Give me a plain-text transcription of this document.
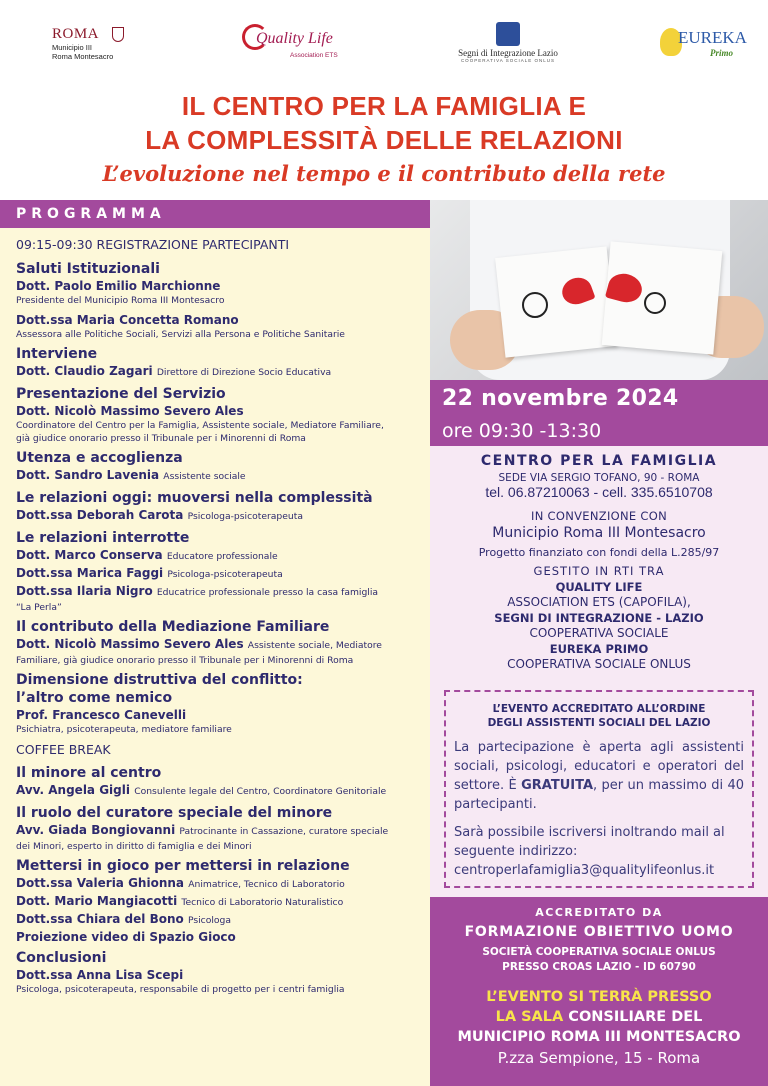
ROMA
Municipio III
Roma Montesacro
Quality Life
Association ETS	Segni di Integrazione Lazio
COOPERATIVA SOCIALE ONLUS
EUREKA
Primo
IL CENTRO PER LA FAMIGLIA E
LA COMPLESSITÀ DELLE RELAZIONI
L’evoluzione nel tempo e il contributo della rete
PROGRAMMA
09:15-09:30 REGISTRAZIONE PARTECIPANTI
Saluti Istituzionali
Dott. Paolo Emilio Marchionne
Presidente del Municipio Roma III Montesacro
Dott.ssa Maria Concetta Romano
Assessora alle Politiche Sociali, Servizi alla Persona e Politiche Sanitarie
Interviene
Dott. Claudio Zagari Direttore di Direzione Socio Educativa
Presentazione del Servizio
Dott. Nicolò Massimo Severo Ales
Coordinatore del Centro per la Famiglia, Assistente sociale, Mediatore Familiare,
già giudice onorario presso il Tribunale per i Minorenni di Roma
Utenza e accoglienza
Dott. Sandro Lavenia Assistente sociale
Le relazioni oggi: muoversi nella complessità
Dott.ssa Deborah Carota Psicologa-psicoterapeuta
Le relazioni interrotte
Dott. Marco Conserva Educatore professionale
Dott.ssa Marica Faggi Psicologa-psicoterapeuta
Dott.ssa Ilaria Nigro Educatrice professionale presso la casa famiglia
“La Perla”
Il contributo della Mediazione Familiare
Dott. Nicolò Massimo Severo Ales Assistente sociale, Mediatore
Familiare, già giudice onorario presso il Tribunale per i Minorenni di Roma
Dimensione distruttiva del conflitto:
l’altro come nemico
Prof. Francesco Canevelli
Psichiatra, psicoterapeuta, mediatore familiare
COFFEE BREAK
Il minore al centro
Avv. Angela Gigli Consulente legale del Centro, Coordinatore Genitoriale
Il ruolo del curatore speciale del minore
Avv. Giada Bongiovanni Patrocinante in Cassazione, curatore speciale
dei Minori, esperto in diritto di famiglia e dei Minori
Mettersi in gioco per mettersi in relazione
Dott.ssa Valeria Ghionna Animatrice, Tecnico di Laboratorio
Dott. Mario Mangiacotti Tecnico di Laboratorio Naturalistico
Dott.ssa Chiara del Bono Psicologa
Proiezione video di Spazio Gioco
Conclusioni
Dott.ssa Anna Lisa Scepi
Psicologa, psicoterapeuta, responsabile di progetto per i centri famiglia
22 novembre 2024
ore 09:30 -13:30
CENTRO PER LA FAMIGLIA
SEDE VIA SERGIO TOFANO, 90 - ROMA
tel. 06.87210063 - cell. 335.6510708
IN CONVENZIONE CON
Municipio Roma III Montesacro
Progetto finanziato con fondi della L.285/97
GESTITO IN RTI TRA
QUALITY LIFE
ASSOCIATION ETS (CAPOFILA),
SEGNI DI INTEGRAZIONE - LAZIO
COOPERATIVA SOCIALE
EUREKA PRIMO
COOPERATIVA SOCIALE ONLUS
L’EVENTO ACCREDITATO ALL’ORDINE
DEGLI ASSISTENTI SOCIALI DEL LAZIO
La partecipazione è aperta agli assistenti sociali, psicologi, educatori e operatori del settore. È GRATUITA, per un massimo di 40 partecipanti.
Sarà possibile iscriversi inoltrando mail al seguente indirizzo:
centroperlafamiglia3@qualitylifeonlus.it
ACCREDITATO DA
FORMAZIONE OBIETTIVO UOMO
SOCIETÀ COOPERATIVA SOCIALE ONLUS
PRESSO CROAS LAZIO - ID 60790
L’EVENTO SI TERRÀ PRESSO
LA SALA CONSILIARE DEL
MUNICIPIO ROMA III MONTESACRO
P.zza Sempione, 15 - Roma
